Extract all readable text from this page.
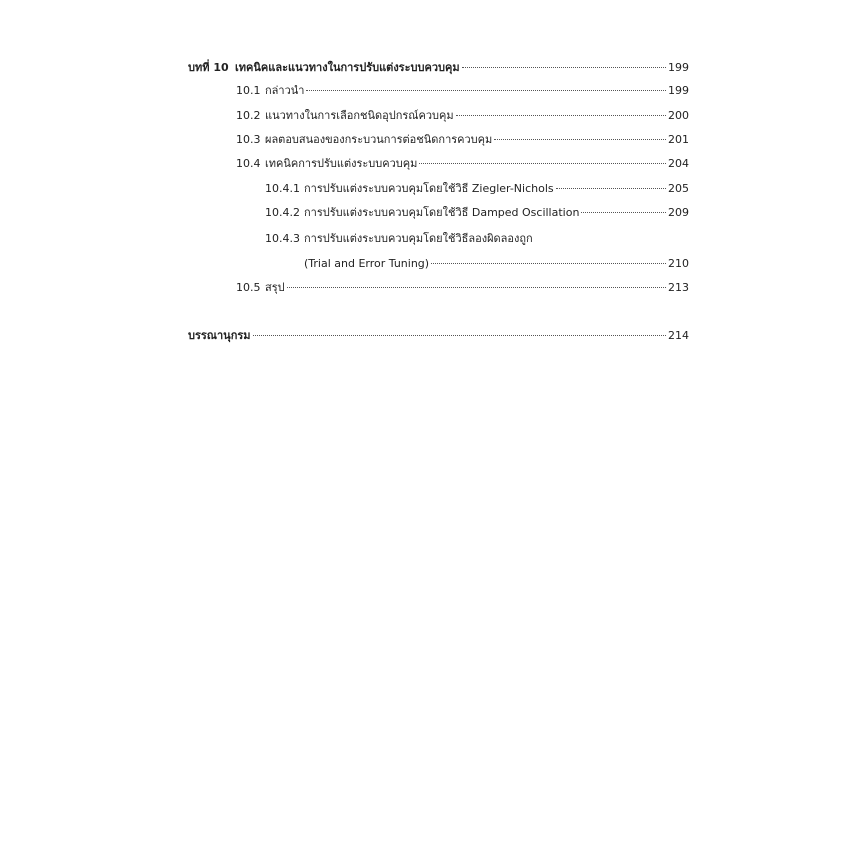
บทที่ 10 เทคนิคและแนวทางในการปรับแต่งระบบควบคุม	199
10.1 กล่าวนำ	199
10.2 แนวทางในการเลือกชนิดอุปกรณ์ควบคุม	200
10.3 ผลตอบสนองของกระบวนการต่อชนิดการควบคุม	201
10.4 เทคนิคการปรับแต่งระบบควบคุม	204
10.4.1 การปรับแต่งระบบควบคุมโดยใช้วิธี Ziegler-Nichols	205
10.4.2 การปรับแต่งระบบควบคุมโดยใช้วิธี Damped Oscillation	209
10.4.3 การปรับแต่งระบบควบคุมโดยใช้วิธีลองผิดลองถูก
(Trial and Error Tuning)	210
10.5 สรุป	213
บรรณานุกรม	214
